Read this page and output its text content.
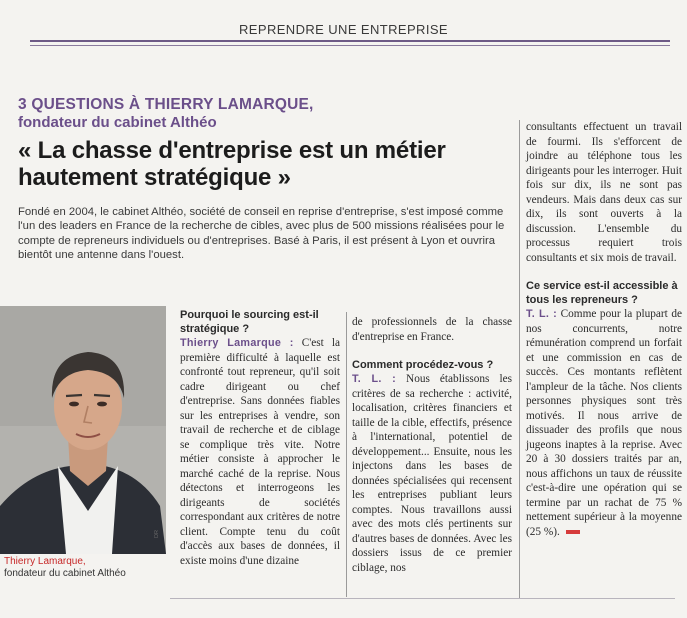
REPRENDRE UNE ENTREPRISE
3 QUESTIONS À THIERRY LAMARQUE,
fondateur du cabinet Althéo
« La chasse d'entreprise est un métier hautement stratégique »

Fondé en 2004, le cabinet Althéo, société de conseil en reprise d'entreprise, s'est imposé comme l'un des leaders en France de la recherche de cibles, avec plus de 500 missions réalisées pour le compte de repreneurs individuels ou d'entreprises. Basé à Paris, il est présent à Lyon et ouvrira bientôt une antenne dans l'ouest.

DR
Thierry Lamarque,
fondateur du cabinet Althéo
Pourquoi le sourcing est-il stratégique ?

Thierry Lamarque : C'est la première difficulté à laquelle est confronté tout repreneur, qu'il soit cadre dirigeant ou chef d'entreprise. Sans données fiables sur les entreprises à vendre, son travail de recherche et de ciblage se complique très vite. Notre métier consiste à approcher le marché caché de la reprise. Nous détectons et interrogeons les dirigeants de sociétés correspondant aux critères de notre client. Compte tenu du coût d'accès aux bases de données, il existe moins d'une dizaine

de professionnels de la chasse d'entreprise en France.

Comment procédez-vous ?

T. L. : Nous établissons les critères de sa recherche : activité, localisation, critères financiers et taille de la cible, effectifs, présence à l'international, potentiel de développement... Ensuite, nous les injectons dans les bases de données spécialisées qui recensent les entreprises publiant leurs comptes. Nous travaillons aussi avec des mots clés pertinents sur d'autres bases de données. Avec les dossiers issus de ce premier ciblage, nos

consultants effectuent un travail de fourmi. Ils s'efforcent de joindre au téléphone tous les dirigeants pour les interroger. Huit fois sur dix, ils ne sont pas vendeurs. Mais dans deux cas sur dix, ils sont ouverts à la discussion. L'ensemble du processus requiert trois consultants et six mois de travail.

Ce service est-il accessible à tous les repreneurs ?

T. L. : Comme pour la plupart de nos concurrents, notre rémunération comprend un forfait et une commission en cas de succès. Ces montants reflètent l'ampleur de la tâche. Nos clients personnes physiques sont très motivés. Il nous arrive de dissuader des profils que nous jugeons inaptes à la reprise. Avec 20 à 30 dossiers traités par an, nous affichons un taux de réussite c'est-à-dire une opération qui se termine par un rachat de 75 % nettement supérieur à la moyenne (25 %).
